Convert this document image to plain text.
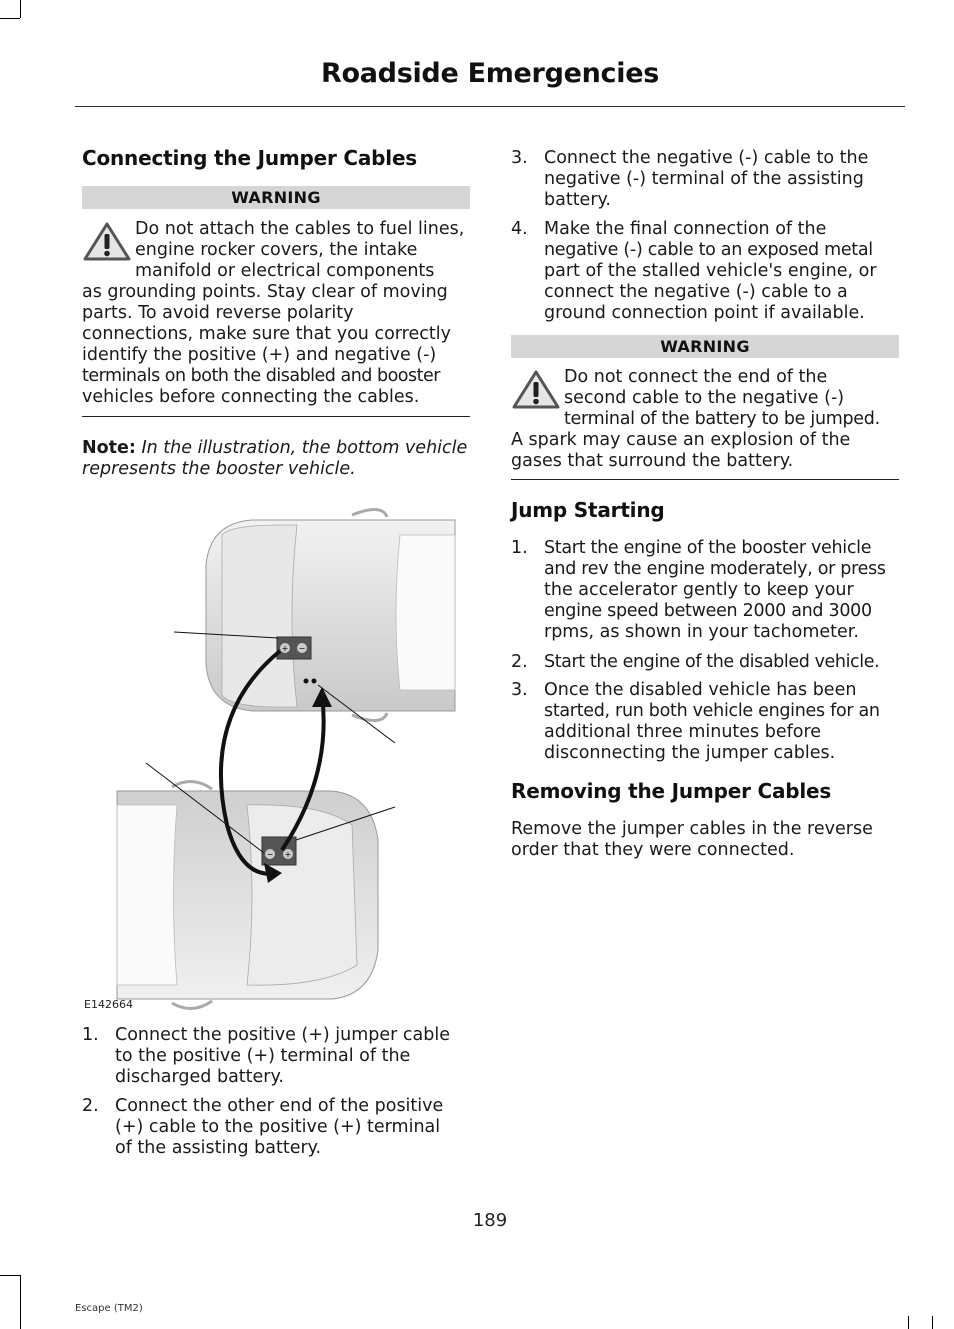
Roadside Emergencies
Connecting the Jumper Cables
WARNING
Do not attach the cables to fuel lines,
engine rocker covers, the intake
manifold or electrical components
as grounding points. Stay clear of moving
parts. To avoid reverse polarity
connections, make sure that you correctly
identify the positive (+) and negative (-)
terminals on both the disabled and booster
vehicles before connecting the cables.
Note: In the illustration, the bottom vehicle
represents the booster vehicle.
+ −
− +
E142664
1. Connect the positive (+) jumper cable
to the positive (+) terminal of the
discharged battery.
2. Connect the other end of the positive
(+) cable to the positive (+) terminal
of the assisting battery.
3. Connect the negative (-) cable to the
negative (-) terminal of the assisting
battery.
4. Make the final connection of the
negative (-) cable to an exposed metal
part of the stalled vehicle's engine, or
connect the negative (-) cable to a
ground connection point if available.
WARNING
Do not connect the end of the
second cable to the negative (-)
terminal of the battery to be jumped.
A spark may cause an explosion of the
gases that surround the battery.
Jump Starting
1. Start the engine of the booster vehicle
and rev the engine moderately, or press
the accelerator gently to keep your
engine speed between 2000 and 3000
rpms, as shown in your tachometer.
2. Start the engine of the disabled vehicle.
3. Once the disabled vehicle has been
started, run both vehicle engines for an
additional three minutes before
disconnecting the jumper cables.
Removing the Jumper Cables
Remove the jumper cables in the reverse
order that they were connected.
189
Escape (TM2)
